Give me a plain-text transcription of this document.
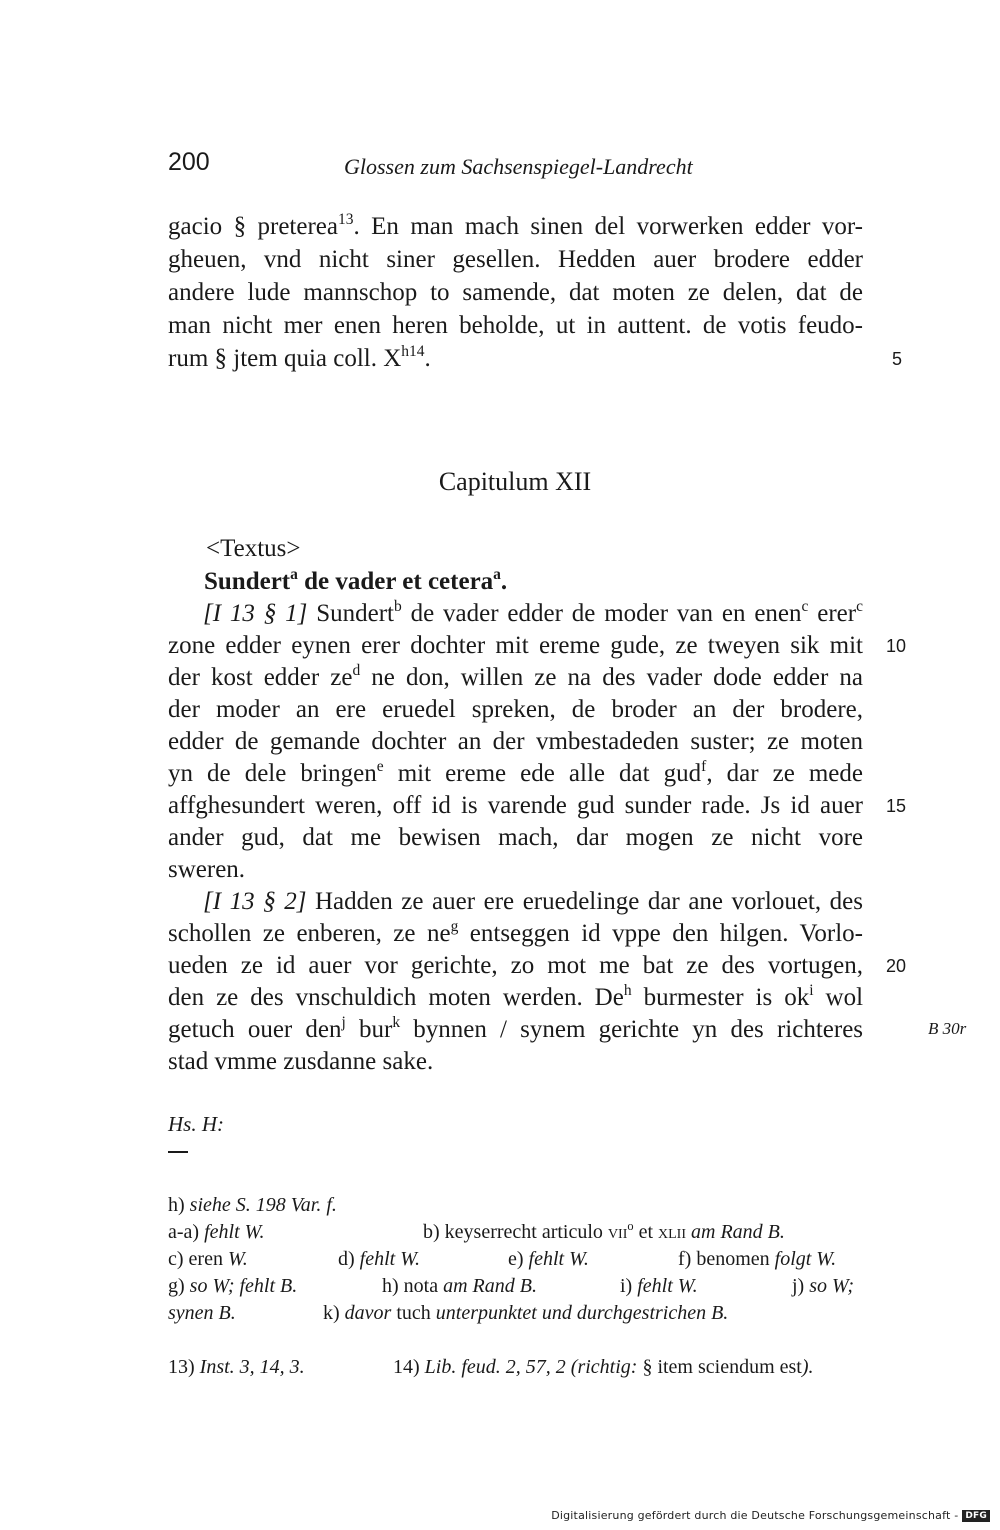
200	Glossen zum Sachsenspiegel-Landrecht
gacio § preterea$^{13}$. En man mach sinen del vorwerken edder vor-
gheuen, vnd nicht siner gesellen. Hedden auer brodere edder
andere lude mannschop to samende, dat moten ze delen, dat de
man nicht mer enen heren beholde, ut in auttent. de votis feudo-
rum § jtem quia coll. $X^{h14}$.	5
Capitulum XII
<Textus>
Sundert$^a$ de vader et cetera$^a$.
[I 13 § 1] Sundert$^b$ de vader edder de moder van en enen$^c$ erer$^c$
zone edder eynen erer dochter mit ereme gude, ze tweyen sik mit
der kost edder $ze^d$ ne don, willen ze na des vader dode edder na
der moder an ere eruedel spreken, de broder an der brodere,
edder de gemande dochter an der vmbestadeden suster; ze moten
yn de dele bringen$^e$ mit ereme ede alle dat gud$^f$, dar ze mede
affghesundert weren, off id is varende gud sunder rade. Js id auer
ander gud, dat me bewisen mach, dar mogen ze nicht vore
sweren.
[I 13 § 2] Hadden ze auer ere eruedelinge dar ane vorlouet, des
schollen ze enberen, ze $ne^g$ entseggen id vppe den hilgen. Vorlo-
ueden ze id auer vor gerichte, zo mot me bat ze des vortugen,
den ze des vnschuldich moten werden. De$^h$ burmester is $ok^i$ wol
getuch ouer den$^j$ bur$^k$ bynnen / synem gerichte yn des richteres
stad vmme zusdanne sake.
10
15
20
B 30r
Hs. H:
h) siehe S. 198 Var. f.
a-a) fehlt W.	b) keyserrecht articulo vii$^o$ et xlii am Rand B.
c) eren W.	d) fehlt W.	e) fehlt W.	f) benomen folgt W.
g) so W; fehlt B.	h) nota am Rand B.	i) fehlt W.	j) so W;
synen B.	k) davor tuch unterpunktet und durchgestrichen B.
13) Inst. 3, 14, 3.	14) Lib. feud. 2, 57, 2 (richtig: § item sciendum est).
Digitalisierung gefördert durch die Deutsche Forschungsgemeinschaft - DFG
